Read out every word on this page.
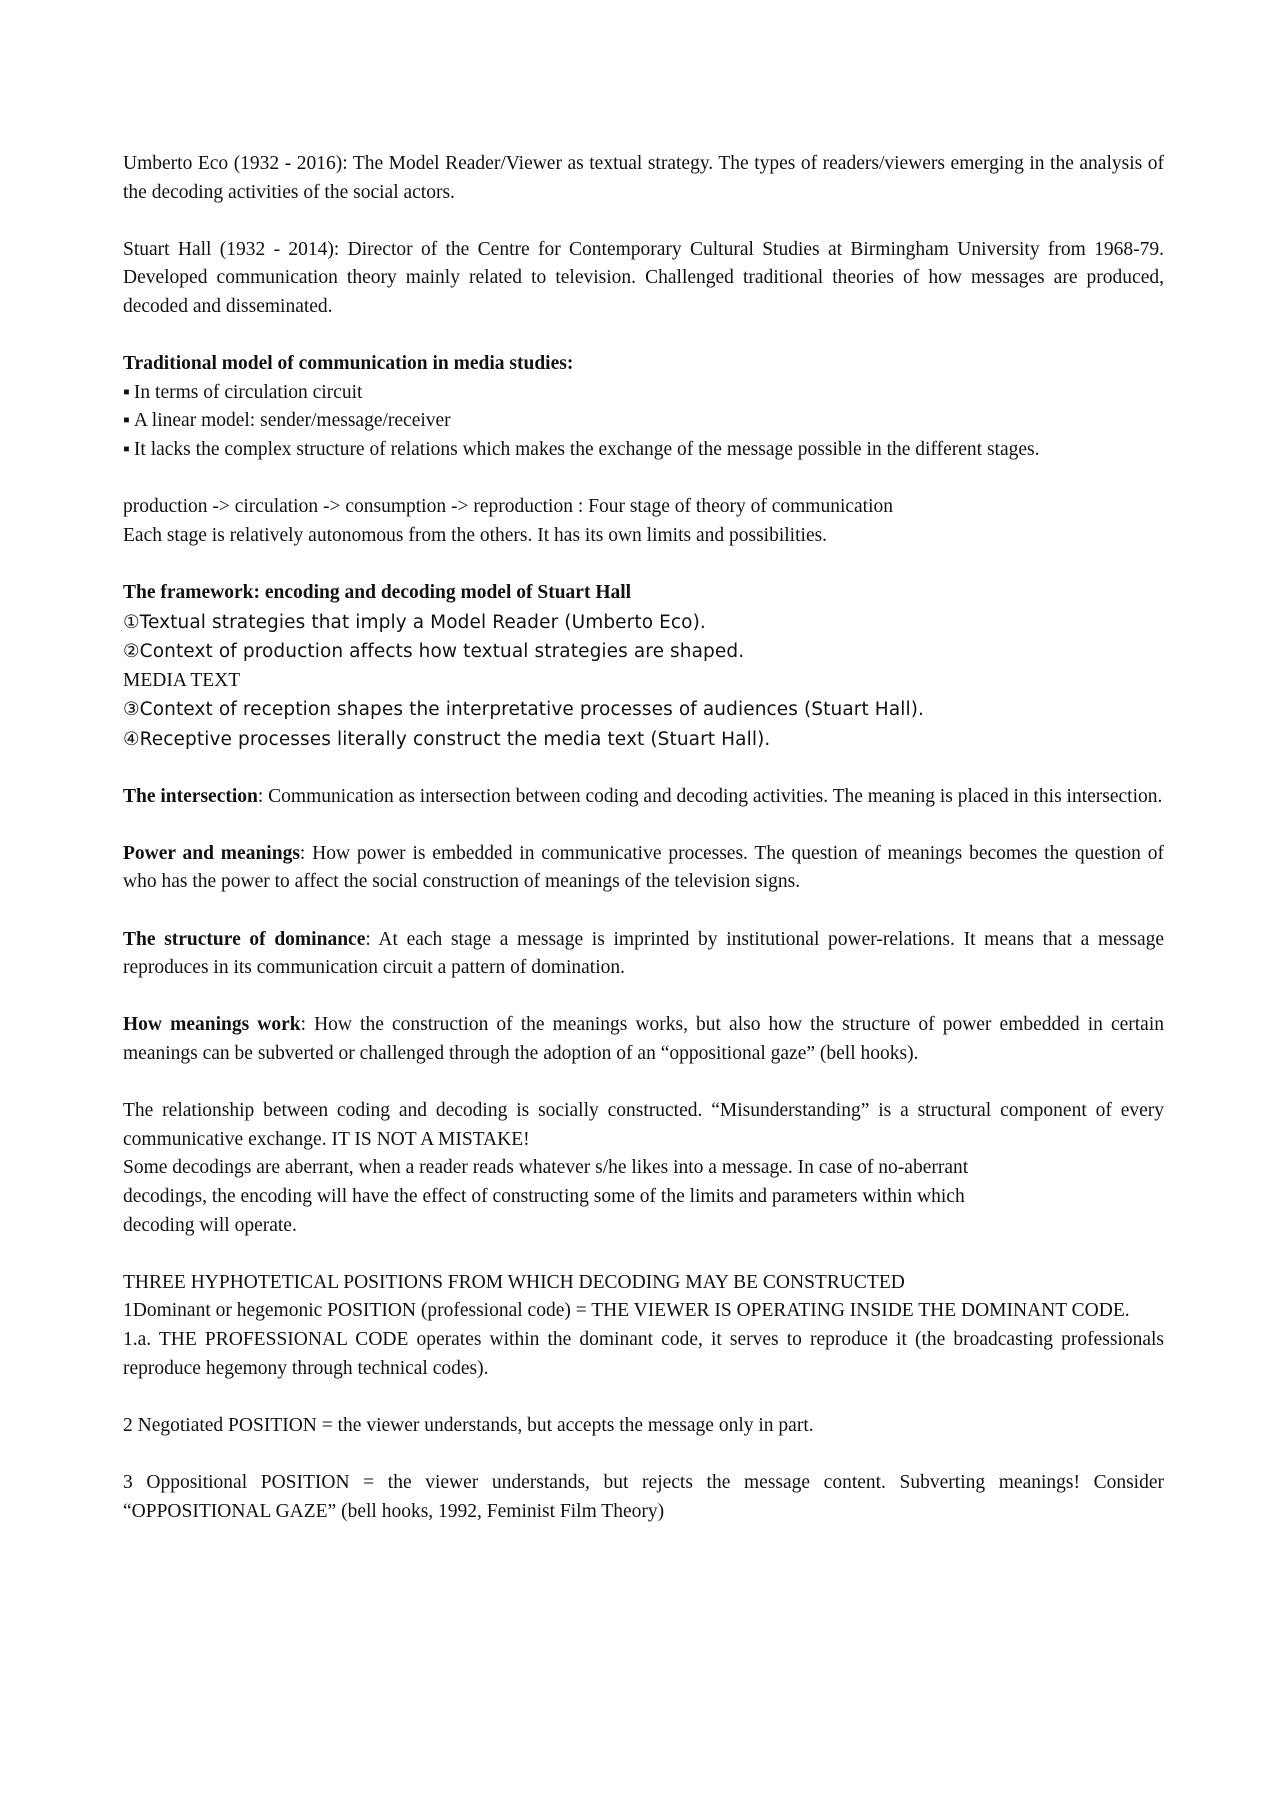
Umberto Eco (1932 - 2016): The Model Reader/Viewer as textual strategy. The types of readers/viewers emerging in the analysis of the decoding activities of the social actors.

Stuart Hall (1932 - 2014): Director of the Centre for Contemporary Cultural Studies at Birmingham University from 1968-79. Developed communication theory mainly related to television. Challenged traditional theories of how messages are produced, decoded and disseminated.

Traditional model of communication in media studies:

▪ In terms of circulation circuit
▪ A linear model: sender/message/receiver
▪ It lacks the complex structure of relations which makes the exchange of the message possible in the different stages.

production -> circulation -> consumption -> reproduction : Four stage of theory of communication

Each stage is relatively autonomous from the others. It has its own limits and possibilities.

The framework: encoding and decoding model of Stuart Hall

①Textual strategies that imply a Model Reader (Umberto Eco).

②Context of production affects how textual strategies are shaped.

MEDIA TEXT

③Context of reception shapes the interpretative processes of audiences (Stuart Hall).

④Receptive processes literally construct the media text (Stuart Hall).

The intersection: Communication as intersection between coding and decoding activities. The meaning is placed in this intersection.

Power and meanings: How power is embedded in communicative processes. The question of meanings becomes the question of who has the power to affect the social construction of meanings of the television signs.

The structure of dominance: At each stage a message is imprinted by institutional power-relations. It means that a message reproduces in its communication circuit a pattern of domination.

How meanings work: How the construction of the meanings works, but also how the structure of power embedded in certain meanings can be subverted or challenged through the adoption of an “oppositional gaze” (bell hooks).

The relationship between coding and decoding is socially constructed. “Misunderstanding” is a structural component of every communicative exchange. IT IS NOT A MISTAKE!

Some decodings are aberrant, when a reader reads whatever s/he likes into a message. In case of no-aberrant

decodings, the encoding will have the effect of constructing some of the limits and parameters within which

decoding will operate.

THREE HYPHOTETICAL POSITIONS FROM WHICH DECODING MAY BE CONSTRUCTED

1Dominant or hegemonic POSITION (professional code) = THE VIEWER IS OPERATING INSIDE THE DOMINANT CODE.

1.a. THE PROFESSIONAL CODE operates within the dominant code, it serves to reproduce it (the broadcasting professionals reproduce hegemony through technical codes).

2 Negotiated POSITION = the viewer understands, but accepts the message only in part.

3 Oppositional POSITION = the viewer understands, but rejects the message content. Subverting meanings! Consider “OPPOSITIONAL GAZE” (bell hooks, 1992, Feminist Film Theory)
